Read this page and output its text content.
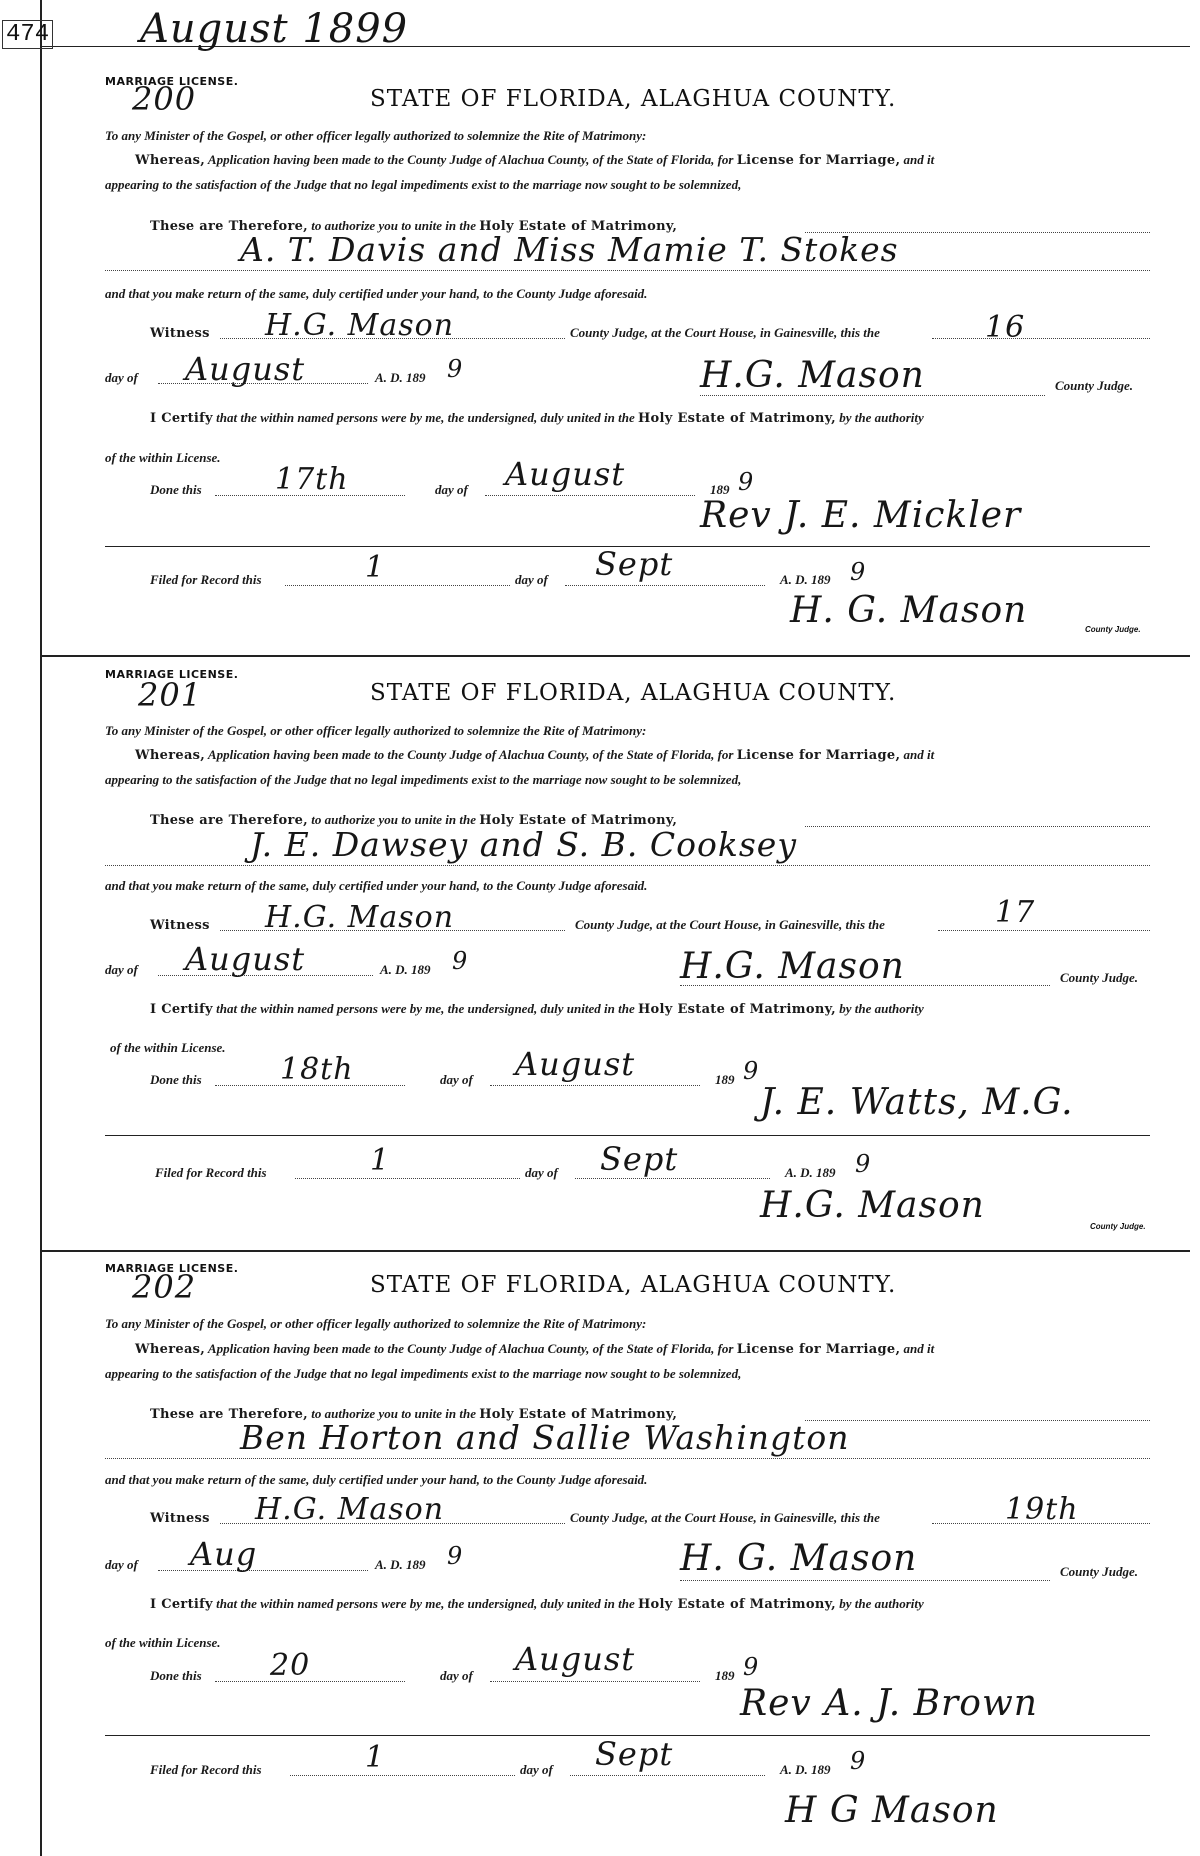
474 August 1899
MARRIAGE LICENSE.
200	STATE OF FLORIDA, ALAGHUA COUNTY.
To any Minister of the Gospel, or other officer legally authorized to solemnize the Rite of Matrimony:
Whereas, Application having been made to the County Judge of Alachua County, of the State of Florida, for License for Marriage, and it
appearing to the satisfaction of the Judge that no legal impediments exist to the marriage now sought to be solemnized,
These are Therefore, to authorize you to unite in the Holy Estate of Matrimony,
A. T. Davis and Miss Mamie T. Stokes
and that you make return of the same, duly certified under your hand, to the County Judge aforesaid.
Witness H.G. Mason	County Judge, at the Court House, in Gainesville, this the	16
day of August	A. D. 189 9	H.G. Mason	County Judge.
I Certify that the within named persons were by me, the undersigned, duly united in the Holy Estate of Matrimony, by the authority
of the within License.
Done this 17th	day of August	189 9
Rev J. E. Mickler
Filed for Record this	1	day of Sept	A. D. 189 9
H. G. Mason	County Judge.
MARRIAGE LICENSE.
201	STATE OF FLORIDA, ALAGHUA COUNTY.
To any Minister of the Gospel, or other officer legally authorized to solemnize the Rite of Matrimony:
Whereas, Application having been made to the County Judge of Alachua County, of the State of Florida, for License for Marriage, and it
appearing to the satisfaction of the Judge that no legal impediments exist to the marriage now sought to be solemnized,
These are Therefore, to authorize you to unite in the Holy Estate of Matrimony,
J. E. Dawsey and S. B. Cooksey
and that you make return of the same, duly certified under your hand, to the County Judge aforesaid.
Witness H.G. Mason	County Judge, at the Court House, in Gainesville, this the	17
day of August	A. D. 189 9	H.G. Mason	County Judge.
I Certify that the within named persons were by me, the undersigned, duly united in the Holy Estate of Matrimony, by the authority
of the within License.
Done this	18th	day of August	189 9
J. E. Watts, M.G.
Filed for Record this	1	day of Sept	A. D. 189 9
H.G. Mason
County Judge.
MARRIAGE LICENSE.
202	STATE OF FLORIDA, ALAGHUA COUNTY.
To any Minister of the Gospel, or other officer legally authorized to solemnize the Rite of Matrimony:
Whereas, Application having been made to the County Judge of Alachua County, of the State of Florida, for License for Marriage, and it
appearing to the satisfaction of the Judge that no legal impediments exist to the marriage now sought to be solemnized,
These are Therefore, to authorize you to unite in the Holy Estate of Matrimony,
Ben Horton and Sallie Washington
and that you make return of the same, duly certified under your hand, to the County Judge aforesaid.
Witness H.G. Mason	County Judge, at the Court House, in Gainesville, this the	19th
day of Aug	A. D. 189 9	H. G. Mason	County Judge.
I Certify that the within named persons were by me, the undersigned, duly united in the Holy Estate of Matrimony, by the authority
of the within License.
Done this 20	day of August	189 9
Rev A. J. Brown
Filed for Record this	1	day of Sept	A. D. 189 9
H G Mason
